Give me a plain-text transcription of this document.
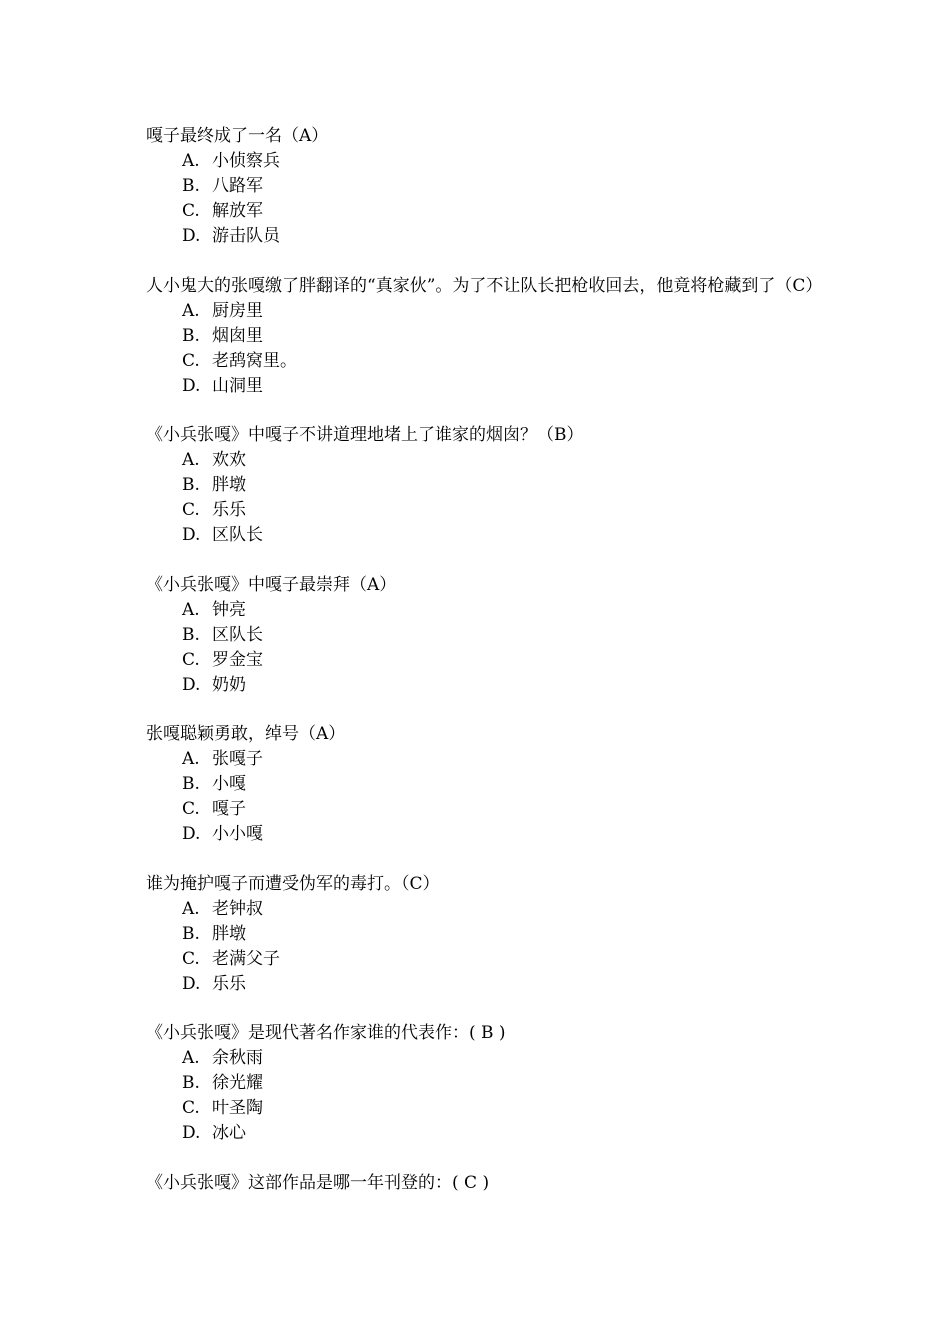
嘎子最终成了一名（A）
A. 小侦察兵
B. 八路军
C. 解放军
D. 游击队员
人小鬼大的张嘎缴了胖翻译的“真家伙”。为了不让队长把枪收回去，他竟将枪藏到了（C）
A. 厨房里
B. 烟囱里
C. 老鸹窝里。
D. 山洞里
《小兵张嘎》中嘎子不讲道理地堵上了谁家的烟囱？（B）
A. 欢欢
B. 胖墩
C. 乐乐
D. 区队长
《小兵张嘎》中嘎子最崇拜（A）
A. 钟亮
B. 区队长
C. 罗金宝
D. 奶奶
张嘎聪颖勇敢，绰号（A）
A. 张嘎子
B. 小嘎
C. 嘎子
D. 小小嘎
谁为掩护嘎子而遭受伪军的毒打。（C）
A. 老钟叔
B. 胖墩
C. 老满父子
D. 乐乐
《小兵张嘎》是现代著名作家谁的代表作：( B )
A. 余秋雨
B. 徐光耀
C. 叶圣陶
D. 冰心
《小兵张嘎》这部作品是哪一年刊登的：( C )
